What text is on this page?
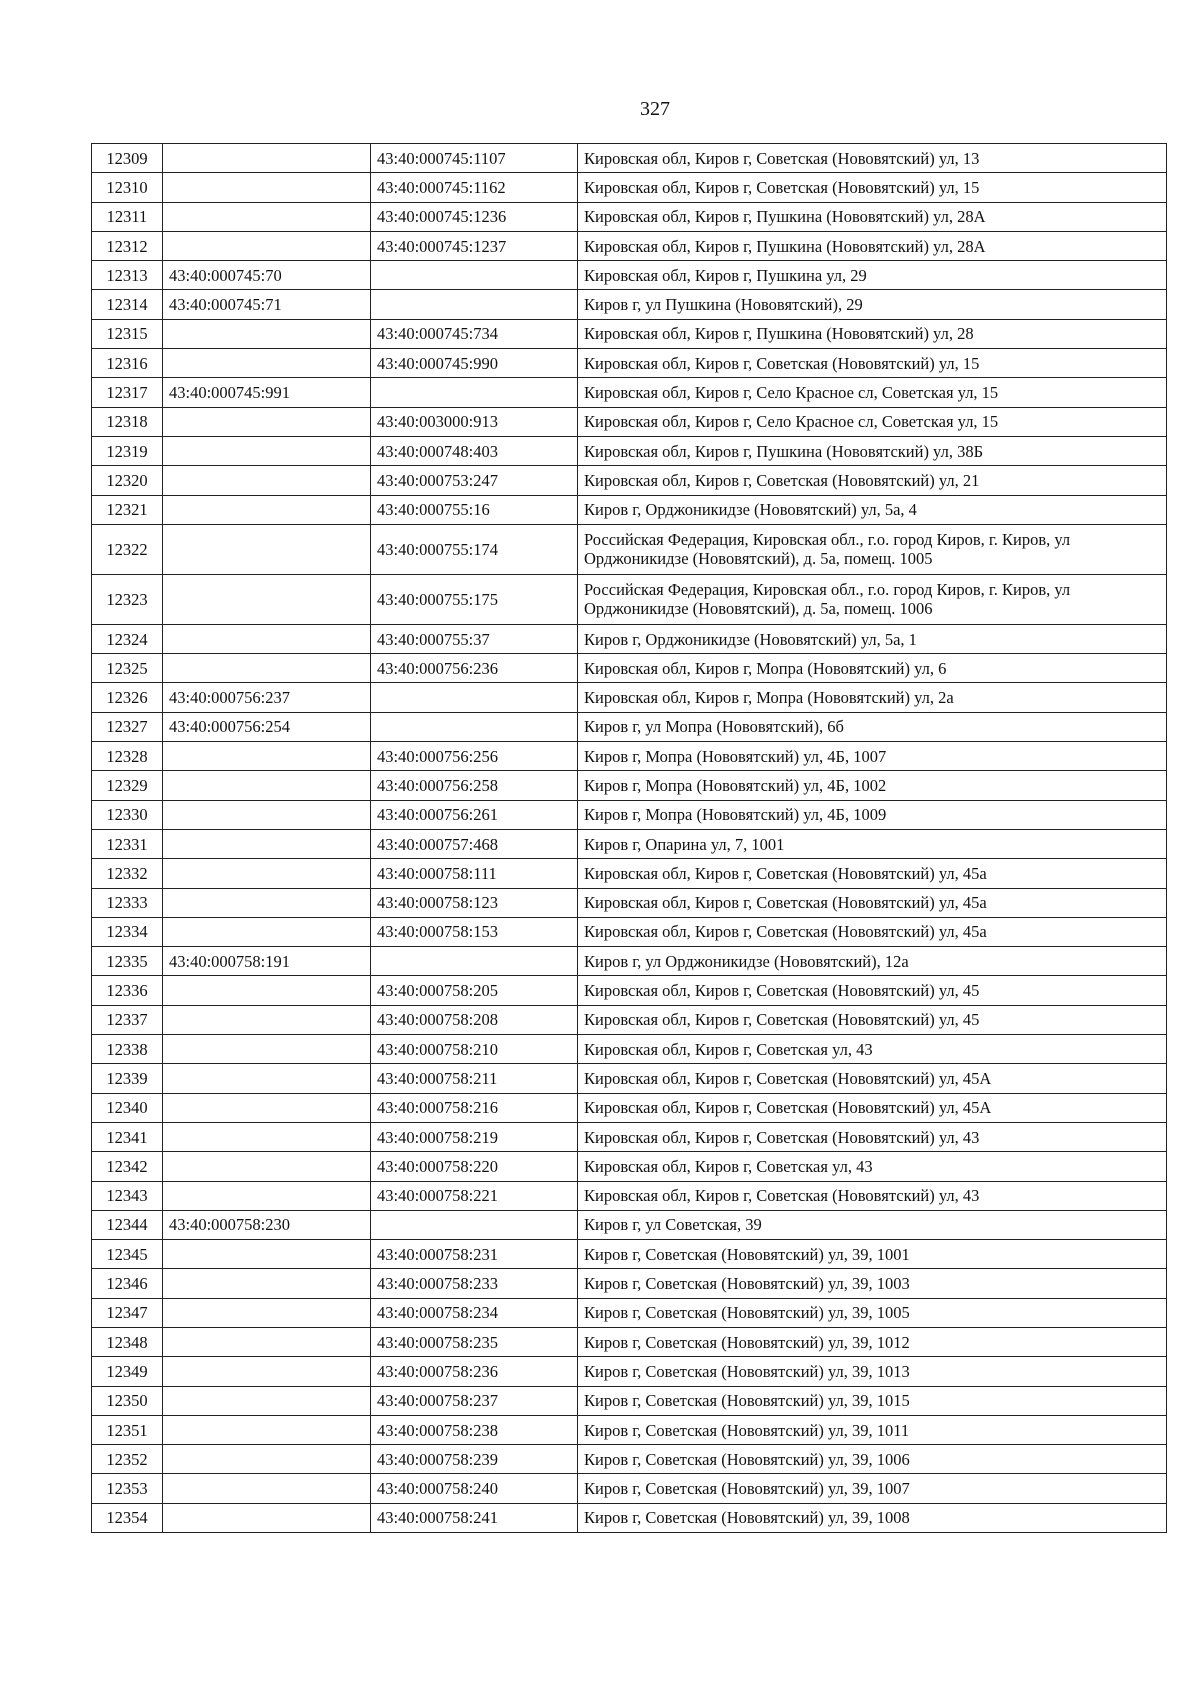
327
12309		43:40:000745:1107	Кировская обл, Киров г, Советская (Нововятский) ул, 13
12310		43:40:000745:1162	Кировская обл, Киров г, Советская (Нововятский) ул, 15
12311		43:40:000745:1236	Кировская обл, Киров г, Пушкина (Нововятский) ул, 28А
12312		43:40:000745:1237	Кировская обл, Киров г, Пушкина (Нововятский) ул, 28А
12313	43:40:000745:70		Кировская обл, Киров г, Пушкина ул, 29
12314	43:40:000745:71		Киров г, ул Пушкина (Нововятский), 29
12315		43:40:000745:734	Кировская обл, Киров г, Пушкина (Нововятский) ул, 28
12316		43:40:000745:990	Кировская обл, Киров г, Советская (Нововятский) ул, 15
12317	43:40:000745:991		Кировская обл, Киров г, Село Красное сл, Советская ул, 15
12318		43:40:003000:913	Кировская обл, Киров г, Село Красное сл, Советская ул, 15
12319		43:40:000748:403	Кировская обл, Киров г, Пушкина (Нововятский) ул, 38Б
12320		43:40:000753:247	Кировская обл, Киров г, Советская (Нововятский) ул, 21
12321		43:40:000755:16	Киров г, Орджоникидзе (Нововятский) ул, 5а, 4
12322		43:40:000755:174	Российская Федерация, Кировская обл., г.о. город Киров, г. Киров, ул Орджоникидзе (Нововятский), д. 5а, помещ. 1005
12323		43:40:000755:175	Российская Федерация, Кировская обл., г.о. город Киров, г. Киров, ул Орджоникидзе (Нововятский), д. 5а, помещ. 1006
12324		43:40:000755:37	Киров г, Орджоникидзе (Нововятский) ул, 5а, 1
12325		43:40:000756:236	Кировская обл, Киров г, Мопра (Нововятский) ул, 6
12326	43:40:000756:237		Кировская обл, Киров г, Мопра (Нововятский) ул, 2а
12327	43:40:000756:254		Киров г, ул Мопра (Нововятский), 6б
12328		43:40:000756:256	Киров г, Мопра (Нововятский) ул, 4Б, 1007
12329		43:40:000756:258	Киров г, Мопра (Нововятский) ул, 4Б, 1002
12330		43:40:000756:261	Киров г, Мопра (Нововятский) ул, 4Б, 1009
12331		43:40:000757:468	Киров г, Опарина ул, 7, 1001
12332		43:40:000758:111	Кировская обл, Киров г, Советская (Нововятский) ул, 45а
12333		43:40:000758:123	Кировская обл, Киров г, Советская (Нововятский) ул, 45а
12334		43:40:000758:153	Кировская обл, Киров г, Советская (Нововятский) ул, 45а
12335	43:40:000758:191		Киров г, ул Орджоникидзе (Нововятский), 12а
12336		43:40:000758:205	Кировская обл, Киров г, Советская (Нововятский) ул, 45
12337		43:40:000758:208	Кировская обл, Киров г, Советская (Нововятский) ул, 45
12338		43:40:000758:210	Кировская обл, Киров г, Советская ул, 43
12339		43:40:000758:211	Кировская обл, Киров г, Советская (Нововятский) ул, 45А
12340		43:40:000758:216	Кировская обл, Киров г, Советская (Нововятский) ул, 45А
12341		43:40:000758:219	Кировская обл, Киров г, Советская (Нововятский) ул, 43
12342		43:40:000758:220	Кировская обл, Киров г, Советская ул, 43
12343		43:40:000758:221	Кировская обл, Киров г, Советская (Нововятский) ул, 43
12344	43:40:000758:230		Киров г, ул Советская, 39
12345		43:40:000758:231	Киров г, Советская (Нововятский) ул, 39, 1001
12346		43:40:000758:233	Киров г, Советская (Нововятский) ул, 39, 1003
12347		43:40:000758:234	Киров г, Советская (Нововятский) ул, 39, 1005
12348		43:40:000758:235	Киров г, Советская (Нововятский) ул, 39, 1012
12349		43:40:000758:236	Киров г, Советская (Нововятский) ул, 39, 1013
12350		43:40:000758:237	Киров г, Советская (Нововятский) ул, 39, 1015
12351		43:40:000758:238	Киров г, Советская (Нововятский) ул, 39, 1011
12352		43:40:000758:239	Киров г, Советская (Нововятский) ул, 39, 1006
12353		43:40:000758:240	Киров г, Советская (Нововятский) ул, 39, 1007
12354		43:40:000758:241	Киров г, Советская (Нововятский) ул, 39, 1008
